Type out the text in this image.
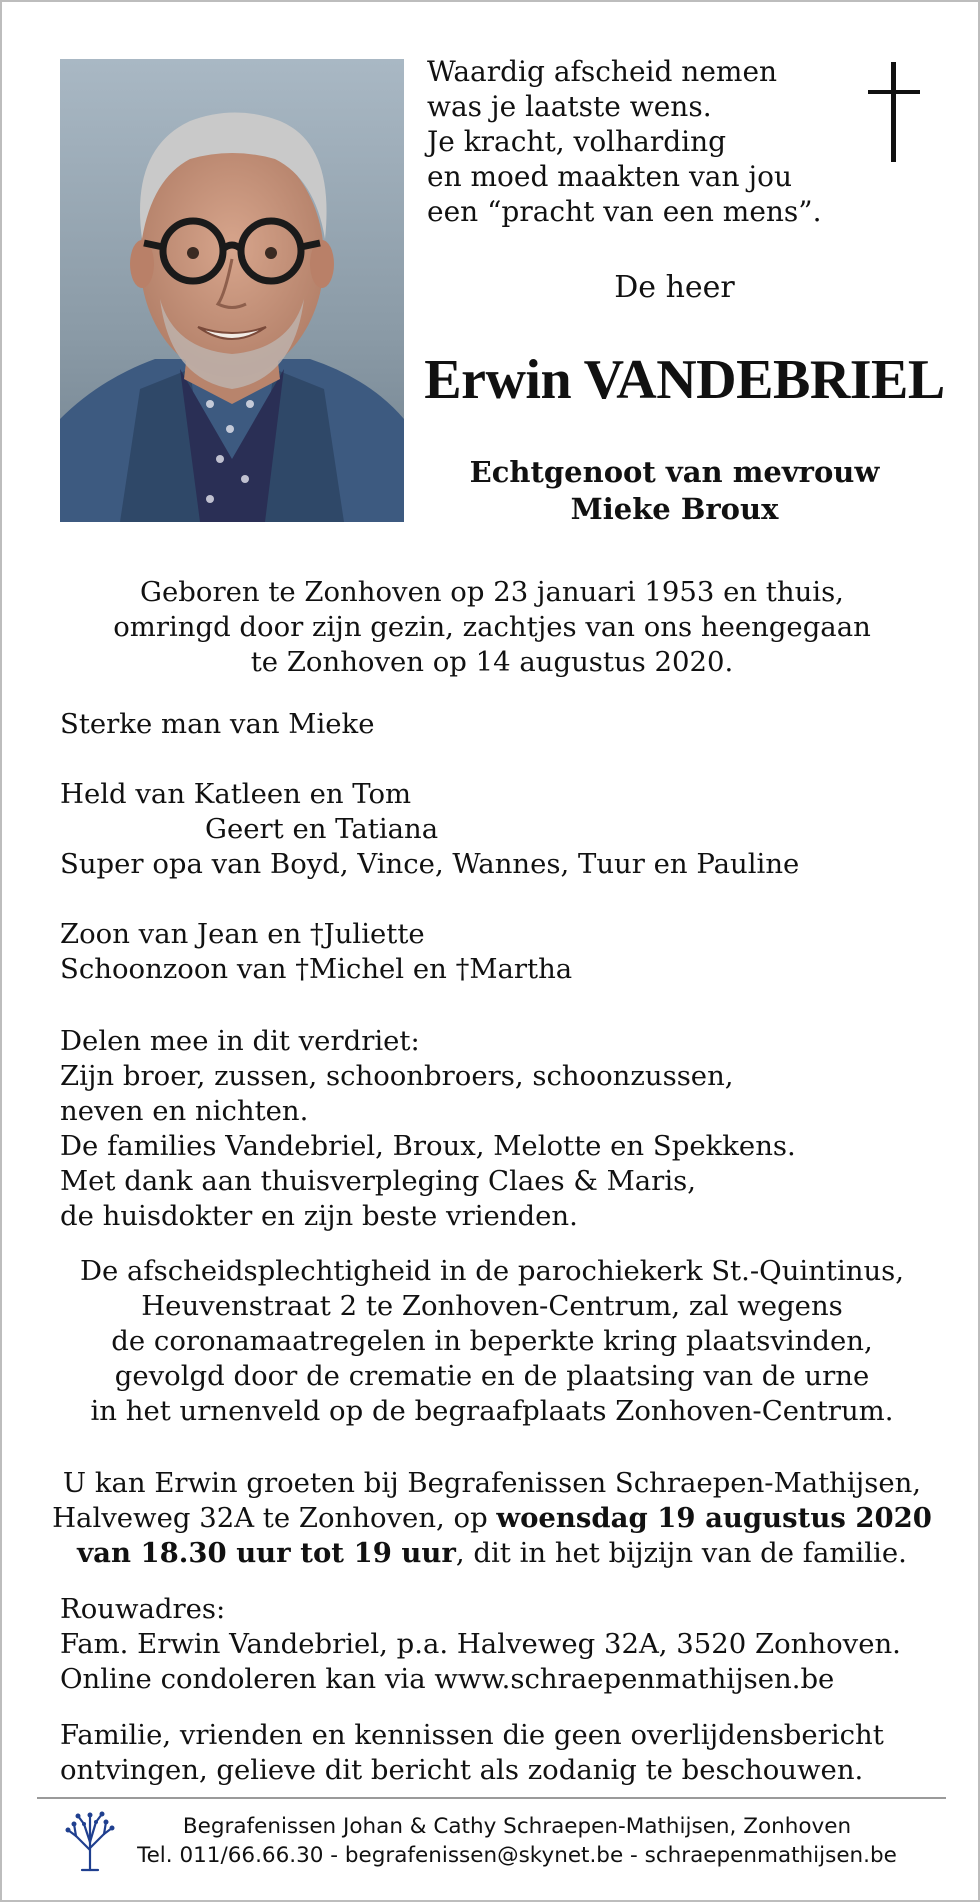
Waardig afscheid nemen
was je laatste wens.
Je kracht, volharding
en moed maakten van jou
een “pracht van een mens”.
De heer
Erwin VANDEBRIEL
Echtgenoot van mevrouw
Mieke Broux
Geboren te Zonhoven op 23 januari 1953 en thuis,
omringd door zijn gezin, zachtjes van ons heengegaan
te Zonhoven op 14 augustus 2020.
Sterke man van Mieke
Held van Katleen en Tom
Geert en Tatiana
Super opa van Boyd, Vince, Wannes, Tuur en Pauline
Zoon van Jean en †Juliette
Schoonzoon van †Michel en †Martha
Delen mee in dit verdriet:
Zijn broer, zussen, schoonbroers, schoonzussen,
neven en nichten.
De families Vandebriel, Broux, Melotte en Spekkens.
Met dank aan thuisverpleging Claes & Maris,
de huisdokter en zijn beste vrienden.
De afscheidsplechtigheid in de parochiekerk St.-Quintinus,
Heuvenstraat 2 te Zonhoven-Centrum, zal wegens
de coronamaatregelen in beperkte kring plaatsvinden,
gevolgd door de crematie en de plaatsing van de urne
in het urnenveld op de begraafplaats Zonhoven-Centrum.
U kan Erwin groeten bij Begrafenissen Schraepen-Mathijsen,
Halveweg 32A te Zonhoven, op woensdag 19 augustus 2020
van 18.30 uur tot 19 uur, dit in het bijzijn van de familie.
Rouwadres:
Fam. Erwin Vandebriel, p.a. Halveweg 32A, 3520 Zonhoven.
Online condoleren kan via www.schraepenmathijsen.be
Familie, vrienden en kennissen die geen overlijdensbericht
ontvingen, gelieve dit bericht als zodanig te beschouwen.
Begrafenissen Johan & Cathy Schraepen-Mathijsen, Zonhoven
Tel. 011/66.66.30 - begrafenissen@skynet.be - schraepenmathijsen.be
